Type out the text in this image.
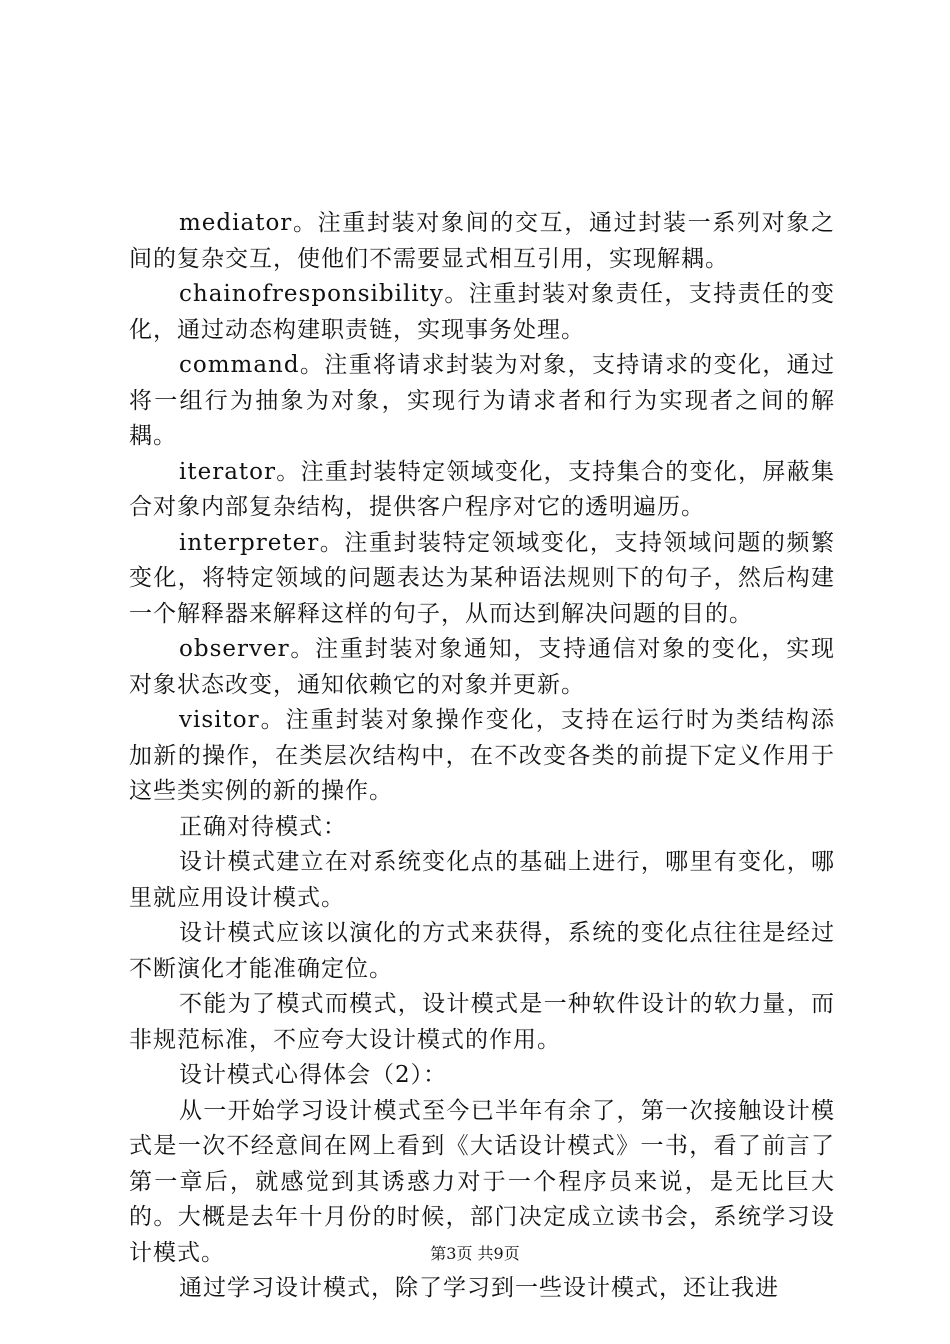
mediator。注重封装对象间的交互，通过封装一系列对象之间的复杂交互，使他们不需要显式相互引用，实现解耦。

chainofresponsibility。注重封装对象责任，支持责任的变化，通过动态构建职责链，实现事务处理。

command。注重将请求封装为对象，支持请求的变化，通过将一组行为抽象为对象，实现行为请求者和行为实现者之间的解耦。

iterator。注重封装特定领域变化，支持集合的变化，屏蔽集合对象内部复杂结构，提供客户程序对它的透明遍历。

interpreter。注重封装特定领域变化，支持领域问题的频繁变化，将特定领域的问题表达为某种语法规则下的句子，然后构建一个解释器来解释这样的句子，从而达到解决问题的目的。

observer。注重封装对象通知，支持通信对象的变化，实现对象状态改变，通知依赖它的对象并更新。

visitor。注重封装对象操作变化，支持在运行时为类结构添加新的操作，在类层次结构中，在不改变各类的前提下定义作用于这些类实例的新的操作。

正确对待模式：

设计模式建立在对系统变化点的基础上进行，哪里有变化，哪里就应用设计模式。

设计模式应该以演化的方式来获得，系统的变化点往往是经过不断演化才能准确定位。

不能为了模式而模式，设计模式是一种软件设计的软力量，而非规范标准，不应夸大设计模式的作用。

设计模式心得体会（2）：

从一开始学习设计模式至今已半年有余了，第一次接触设计模式是一次不经意间在网上看到《大话设计模式》一书，看了前言了第一章后，就感觉到其诱惑力对于一个程序员来说，是无比巨大的。大概是去年十月份的时候，部门决定成立读书会，系统学习设计模式。

通过学习设计模式，除了学习到一些设计模式，还让我进

第3页 共9页
